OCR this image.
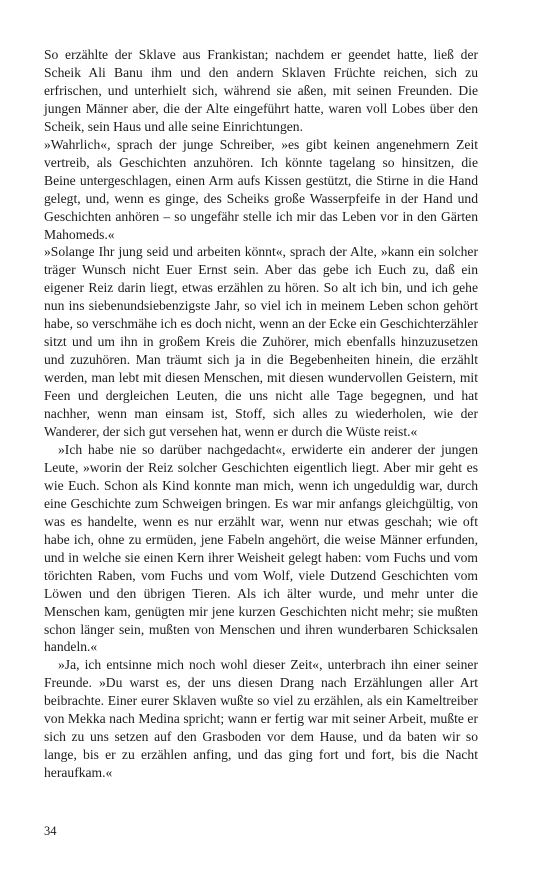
So erzählte der Sklave aus Frankistan; nachdem er geendet hatte, ließ der Scheik Ali Banu ihm und den andern Sklaven Früchte reichen, sich zu erfrischen, und unterhielt sich, während sie aßen, mit seinen Freunden. Die jungen Männer aber, die der Alte eingeführt hatte, waren voll Lobes über den Scheik, sein Haus und alle seine Einrichtungen.

»Wahrlich«, sprach der junge Schreiber, »es gibt keinen angenehmern Zeit vertreib, als Geschichten anzuhören. Ich könnte tagelang so hinsitzen, die Beine untergeschlagen, einen Arm aufs Kissen gestützt, die Stirne in die Hand gelegt, und, wenn es ginge, des Scheiks große Wasserpfeife in der Hand und Geschichten anhören – so ungefähr stelle ich mir das Leben vor in den Gärten Mahomeds.«

»Solange Ihr jung seid und arbeiten könnt«, sprach der Alte, »kann ein solcher träger Wunsch nicht Euer Ernst sein. Aber das gebe ich Euch zu, daß ein eigener Reiz darin liegt, etwas erzählen zu hören. So alt ich bin, und ich gehe nun ins siebenundsiebenzigste Jahr, so viel ich in meinem Leben schon gehört habe, so verschmähe ich es doch nicht, wenn an der Ecke ein Geschichterzähler sitzt und um ihn in großem Kreis die Zuhörer, mich ebenfalls hinzuzusetzen und zuzuhören. Man träumt sich ja in die Begebenheiten hinein, die erzählt werden, man lebt mit diesen Menschen, mit diesen wundervollen Geistern, mit Feen und dergleichen Leuten, die uns nicht alle Tage begegnen, und hat nachher, wenn man einsam ist, Stoff, sich alles zu wiederholen, wie der Wanderer, der sich gut versehen hat, wenn er durch die Wüste reist.«

»Ich habe nie so darüber nachgedacht«, erwiderte ein anderer der jungen Leute, »worin der Reiz solcher Geschichten eigentlich liegt. Aber mir geht es wie Euch. Schon als Kind konnte man mich, wenn ich ungeduldig war, durch eine Geschichte zum Schweigen bringen. Es war mir anfangs gleichgültig, von was es handelte, wenn es nur erzählt war, wenn nur etwas geschah; wie oft habe ich, ohne zu ermüden, jene Fabeln angehört, die weise Männer erfunden, und in welche sie einen Kern ihrer Weisheit gelegt haben: vom Fuchs und vom törichten Raben, vom Fuchs und vom Wolf, viele Dutzend Geschichten vom Löwen und den übrigen Tieren. Als ich älter wurde, und mehr unter die Menschen kam, genügten mir jene kurzen Geschichten nicht mehr; sie mußten schon länger sein, mußten von Menschen und ihren wunderbaren Schicksalen handeln.«

»Ja, ich entsinne mich noch wohl dieser Zeit«, unterbrach ihn einer seiner Freunde. »Du warst es, der uns diesen Drang nach Erzählungen aller Art beibrachte. Einer eurer Sklaven wußte so viel zu erzählen, als ein Kameltreiber von Mekka nach Medina spricht; wann er fertig war mit seiner Arbeit, mußte er sich zu uns setzen auf den Grasboden vor dem Hause, und da baten wir so lange, bis er zu erzählen anfing, und das ging fort und fort, bis die Nacht heraufkam.«

34
